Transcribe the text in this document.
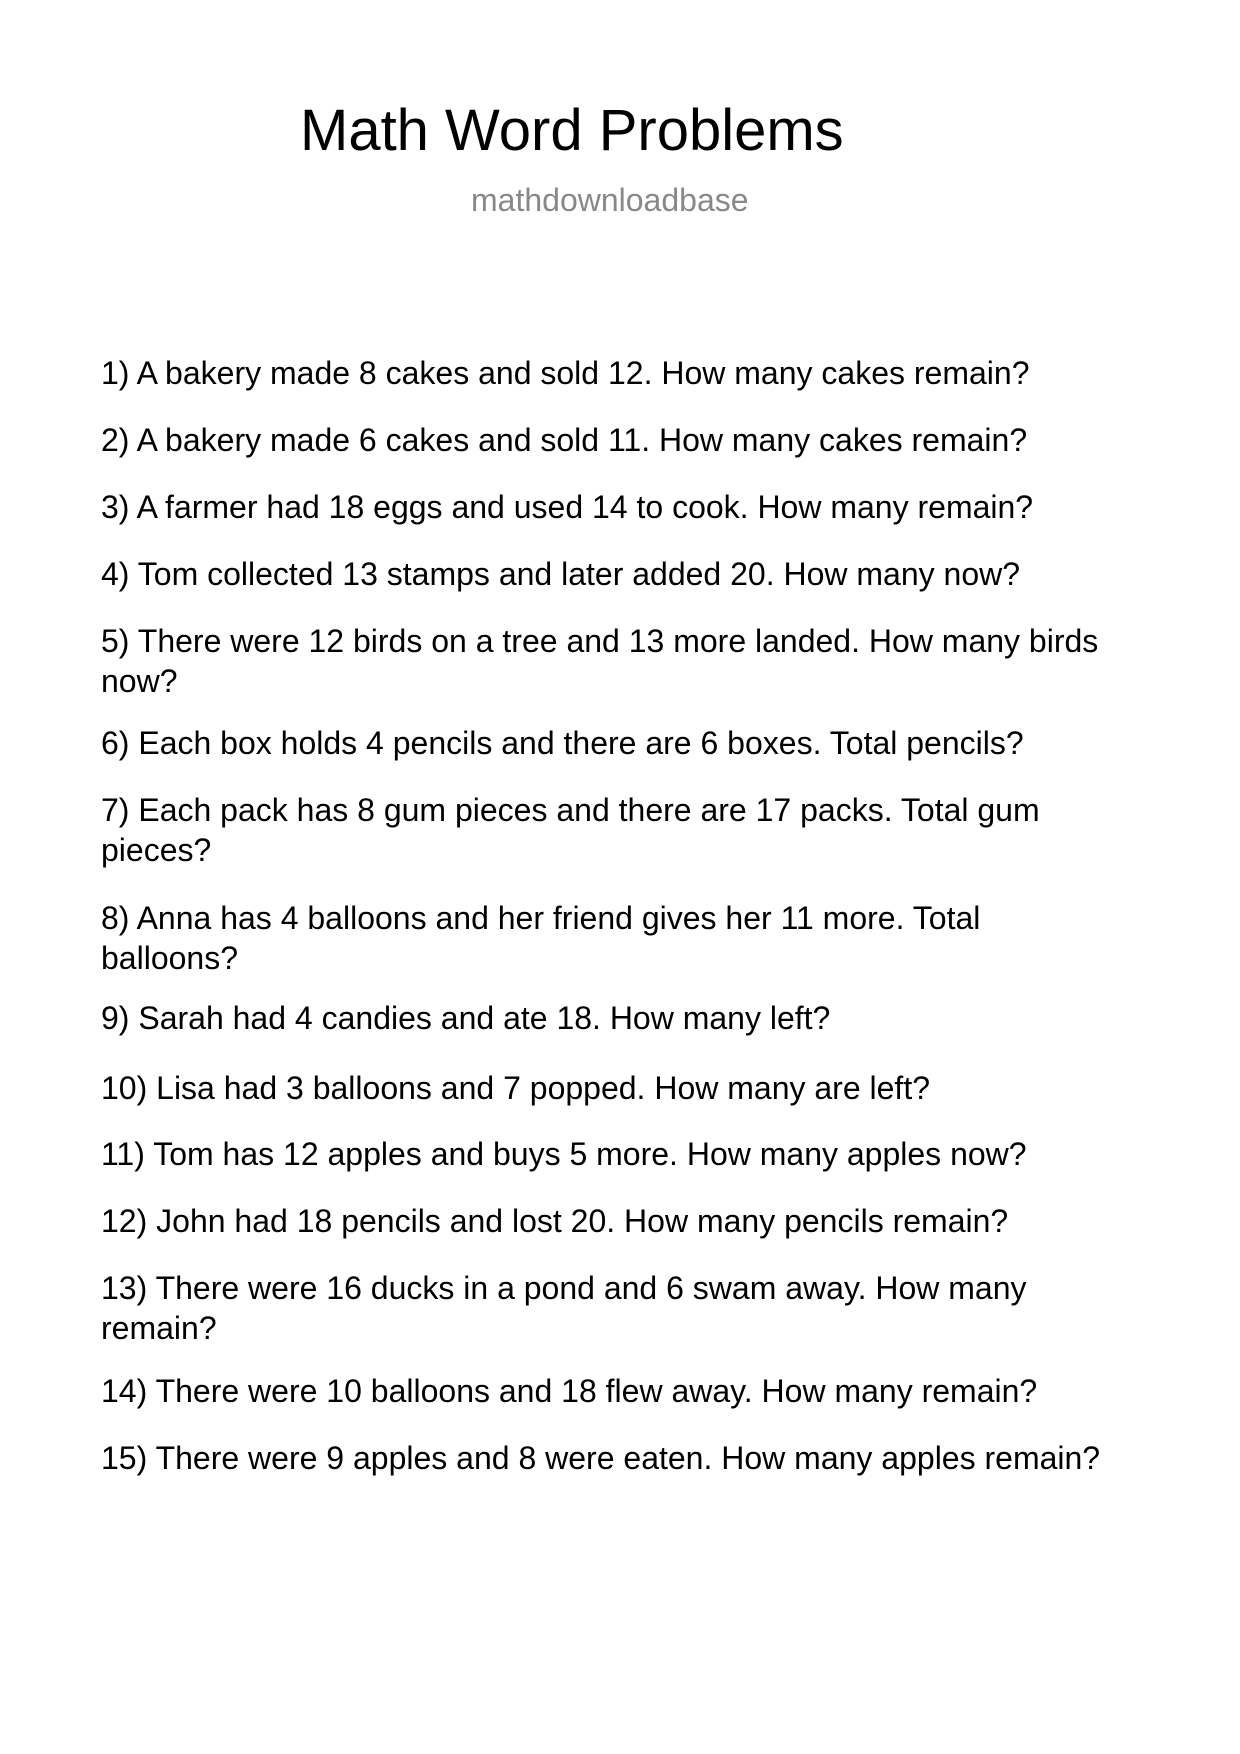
Math Word Problems
mathdownloadbase
1) A bakery made 8 cakes and sold 12. How many cakes remain?
2) A bakery made 6 cakes and sold 11. How many cakes remain?
3) A farmer had 18 eggs and used 14 to cook. How many remain?
4) Tom collected 13 stamps and later added 20. How many now?
5) There were 12 birds on a tree and 13 more landed. How many birds now?
6) Each box holds 4 pencils and there are 6 boxes. Total pencils?
7) Each pack has 8 gum pieces and there are 17 packs. Total gum pieces?
8) Anna has 4 balloons and her friend gives her 11 more. Total balloons?
9) Sarah had 4 candies and ate 18. How many left?
10) Lisa had 3 balloons and 7 popped. How many are left?
11) Tom has 12 apples and buys 5 more. How many apples now?
12) John had 18 pencils and lost 20. How many pencils remain?
13) There were 16 ducks in a pond and 6 swam away. How many remain?
14) There were 10 balloons and 18 flew away. How many remain?
15) There were 9 apples and 8 were eaten. How many apples remain?
